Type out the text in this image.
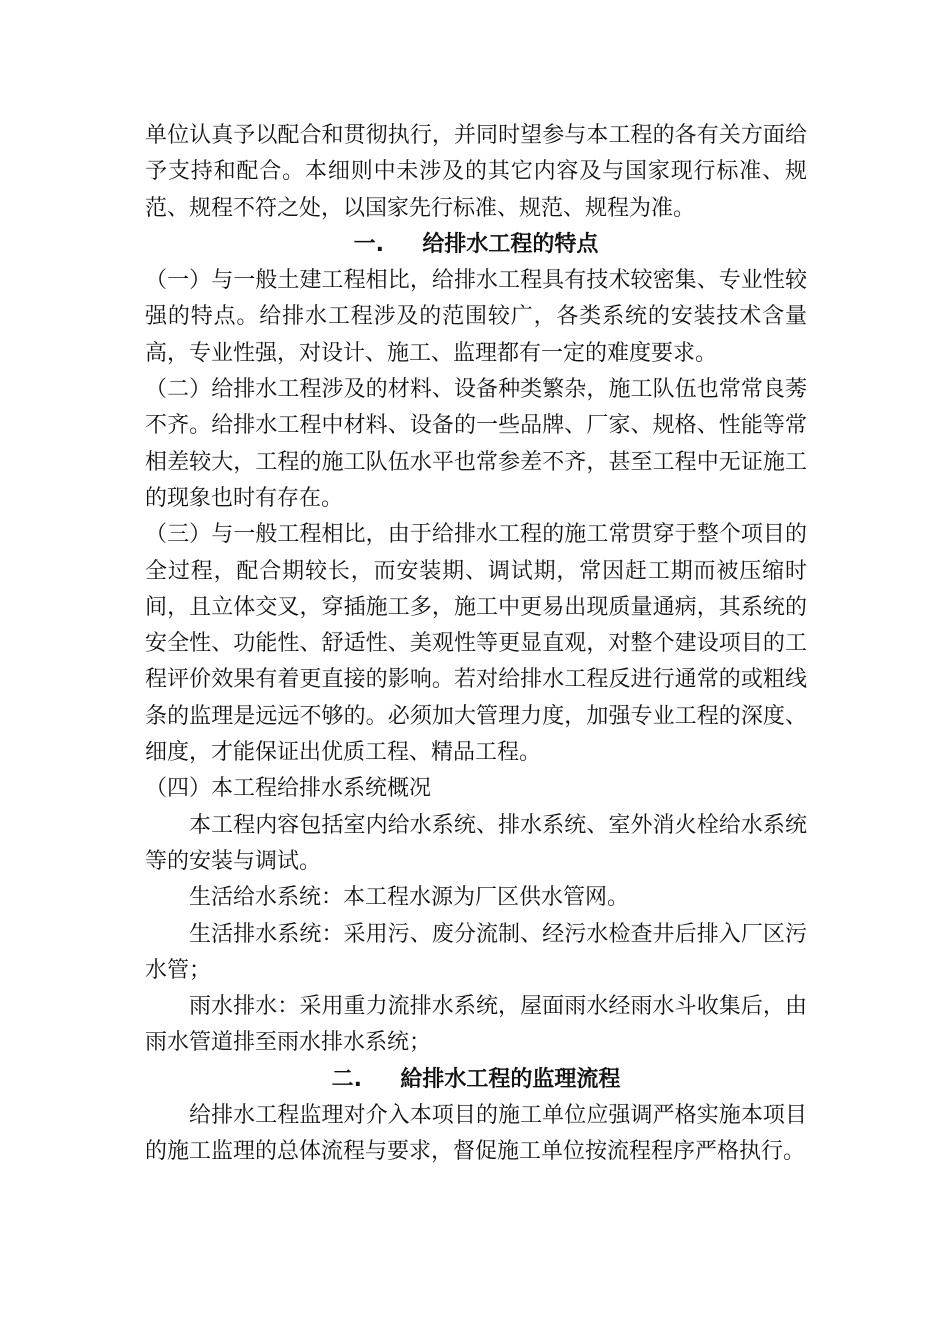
单位认真予以配合和贯彻执行，并同时望参与本工程的各有关方面给予支持和配合。本细则中未涉及的其它内容及与国家现行标准、规范、规程不符之处，以国家先行标准、规范、规程为准。

一.     给排水工程的特点

（一）与一般土建工程相比，给排水工程具有技术较密集、专业性较强的特点。给排水工程涉及的范围较广，各类系统的安装技术含量高，专业性强，对设计、施工、监理都有一定的难度要求。

（二）给排水工程涉及的材料、设备种类繁杂，施工队伍也常常良莠不齐。给排水工程中材料、设备的一些品牌、厂家、规格、性能等常相差较大，工程的施工队伍水平也常参差不齐，甚至工程中无证施工的现象也时有存在。

（三）与一般工程相比，由于给排水工程的施工常贯穿于整个项目的全过程，配合期较长，而安装期、调试期，常因赶工期而被压缩时间，且立体交叉，穿插施工多，施工中更易出现质量通病，其系统的安全性、功能性、舒适性、美观性等更显直观，对整个建设项目的工程评价效果有着更直接的影响。若对给排水工程反进行通常的或粗线条的监理是远远不够的。必须加大管理力度，加强专业工程的深度、细度，才能保证出优质工程、精品工程。

（四）本工程给排水系统概况

本工程内容包括室内给水系统、排水系统、室外消火栓给水系统等的安装与调试。

生活给水系统：本工程水源为厂区供水管网。

生活排水系统：采用污、废分流制、经污水检查井后排入厂区污水管；

雨水排水：采用重力流排水系统，屋面雨水经雨水斗收集后，由雨水管道排至雨水排水系统；

二.     給排水工程的监理流程

给排水工程监理对介入本项目的施工单位应强调严格实施本项目的施工监理的总体流程与要求，督促施工单位按流程程序严格执行。
